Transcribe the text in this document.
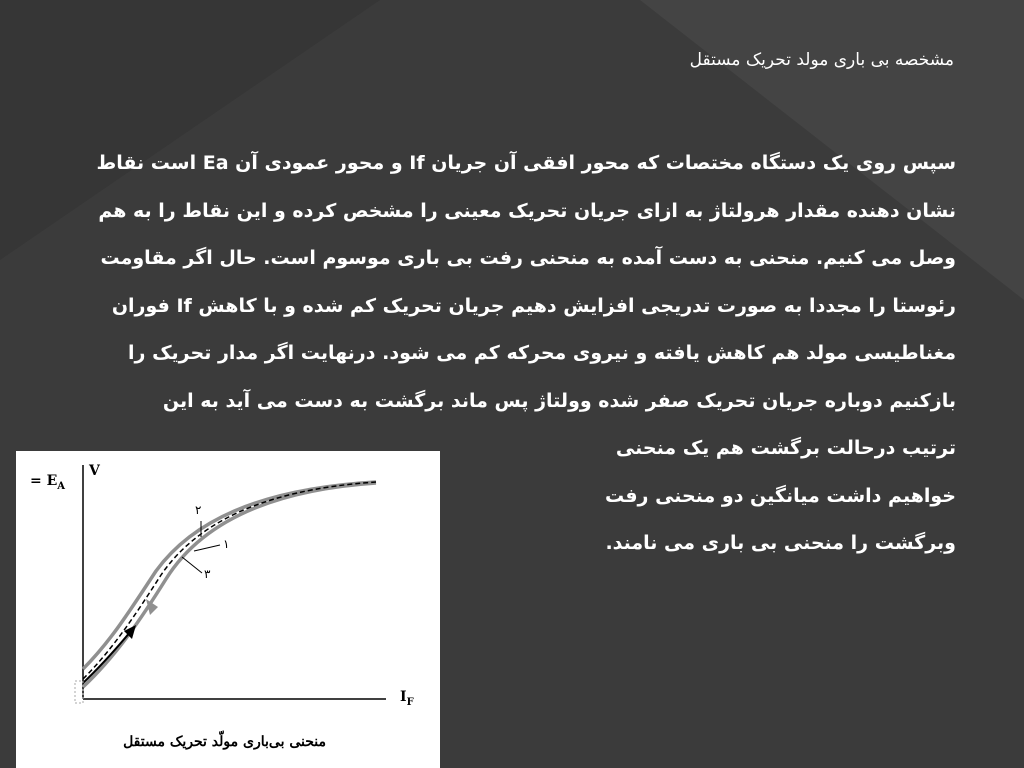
مشخصه بی باری مولد تحریک مستقل

سپس روی یک دستگاه مختصات که محور افقی آن جریان If و محور عمودی آن Ea است نقاط نشان دهنده مقدار هرولتاژ به ازای جریان تحریک معینی را مشخص کرده و این نقاط را به هم وصل می کنیم. منحنی به دست آمده به منحنی رفت بی باری موسوم است. حال اگر مقاومت رئوستا را مجددا به صورت تدریجی افزایش دهیم جریان تحریک کم شده و با کاهش If فوران مغناطیسی مولد هم کاهش یافته و نیروی محرکه کم می شود. درنهایت اگر مدار تحریک را بازکنیم دوباره جریان تحریک صفر شده وولتاژ پس ماند برگشت به دست می آید به این

ترتیب درحالت برگشت هم یک منحنی

خواهیم داشت میانگین دو منحنی رفت

وبرگشت را منحنی بی باری می نامند.

= $E_A$
V
$I_F$
۲
۱
۳
منحنی بی‌باری مولّد تحریک مستقل
